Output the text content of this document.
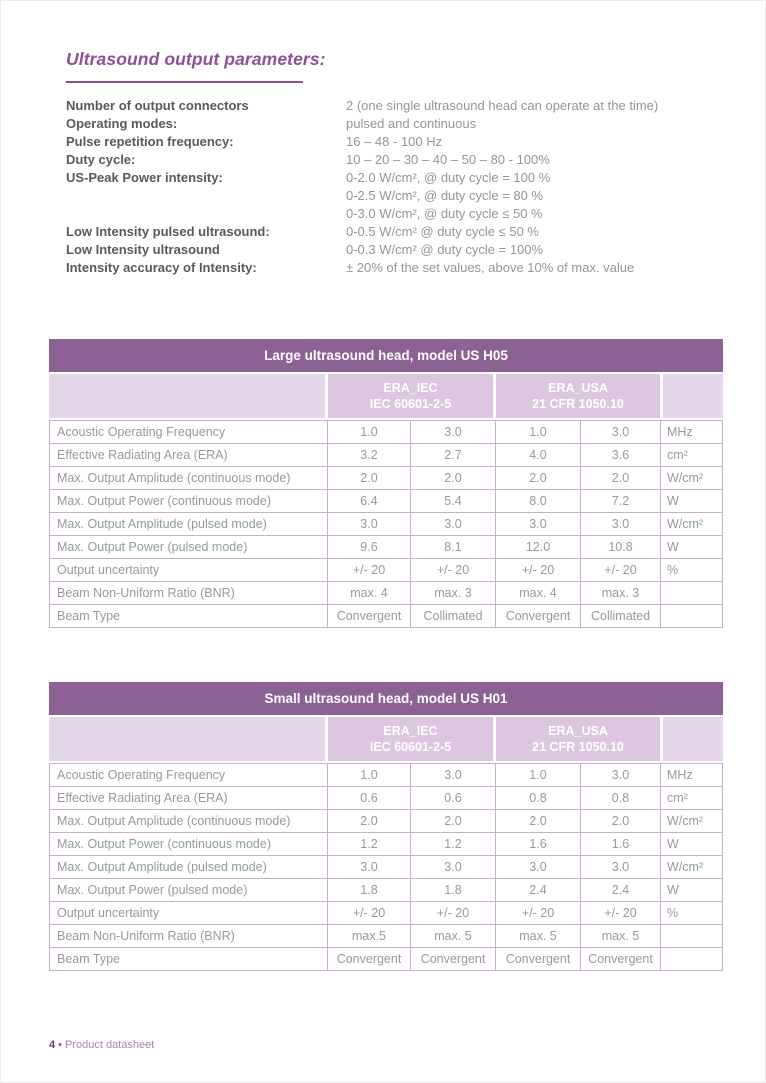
Ultrasound output parameters:
Number of output connectors	2 (one single ultrasound head can operate at the time)
Operating modes:	pulsed and continuous
Pulse repetition frequency:	16 – 48 - 100 Hz
Duty cycle:	10 – 20 – 30 – 40 – 50 – 80 - 100%
US-Peak Power intensity:	0-2.0 W/cm², @ duty cycle = 100 %
0-2.5 W/cm², @ duty cycle = 80 %
0-3.0 W/cm², @ duty cycle ≤ 50 %
Low Intensity pulsed ultrasound:	0-0.5 W/cm² @ duty cycle ≤ 50 %
Low Intensity ultrasound	0-0.3 W/cm² @ duty cycle = 100%
Intensity accuracy of Intensity:	± 20% of the set values, above 10% of max. value
Large ultrasound head, model US H05
ERA_IEC
IEC 60601-2-5
ERA_USA
21 CFR 1050.10
Acoustic Operating Frequency	1.0	3.0	1.0	3.0	MHz
Effective Radiating Area (ERA)	3.2	2.7	4.0	3.6	cm²
Max. Output Amplitude (continuous mode)	2.0	2.0	2.0	2.0	W/cm²
Max. Output Power (continuous mode)	6.4	5.4	8.0	7.2	W
Max. Output Amplitude (pulsed mode)	3.0	3.0	3.0	3.0	W/cm²
Max. Output Power (pulsed mode)	9.6	8.1	12.0	10.8	W
Output uncertainty	+/- 20	+/- 20	+/- 20	+/- 20	%
Beam Non-Uniform Ratio (BNR)	max. 4	max. 3	max. 4	max. 3
Beam Type	Convergent	Collimated	Convergent	Collimated
Small ultrasound head, model US H01
ERA_IEC
IEC 60601-2-5
ERA_USA
21 CFR 1050.10
Acoustic Operating Frequency	1.0	3.0	1.0	3.0	MHz
Effective Radiating Area (ERA)	0.6	0.6	0.8	0.8	cm²
Max. Output Amplitude (continuous mode)	2.0	2.0	2.0	2.0	W/cm²
Max. Output Power (continuous mode)	1.2	1.2	1.6	1.6	W
Max. Output Amplitude (pulsed mode)	3.0	3.0	3.0	3.0	W/cm²
Max. Output Power (pulsed mode)	1.8	1.8	2.4	2.4	W
Output uncertainty	+/- 20	+/- 20	+/- 20	+/- 20	%
Beam Non-Uniform Ratio (BNR)	max.5	max. 5	max. 5	max. 5
Beam Type	Convergent	Convergent	Convergent	Convergent
4 • Product datasheet
